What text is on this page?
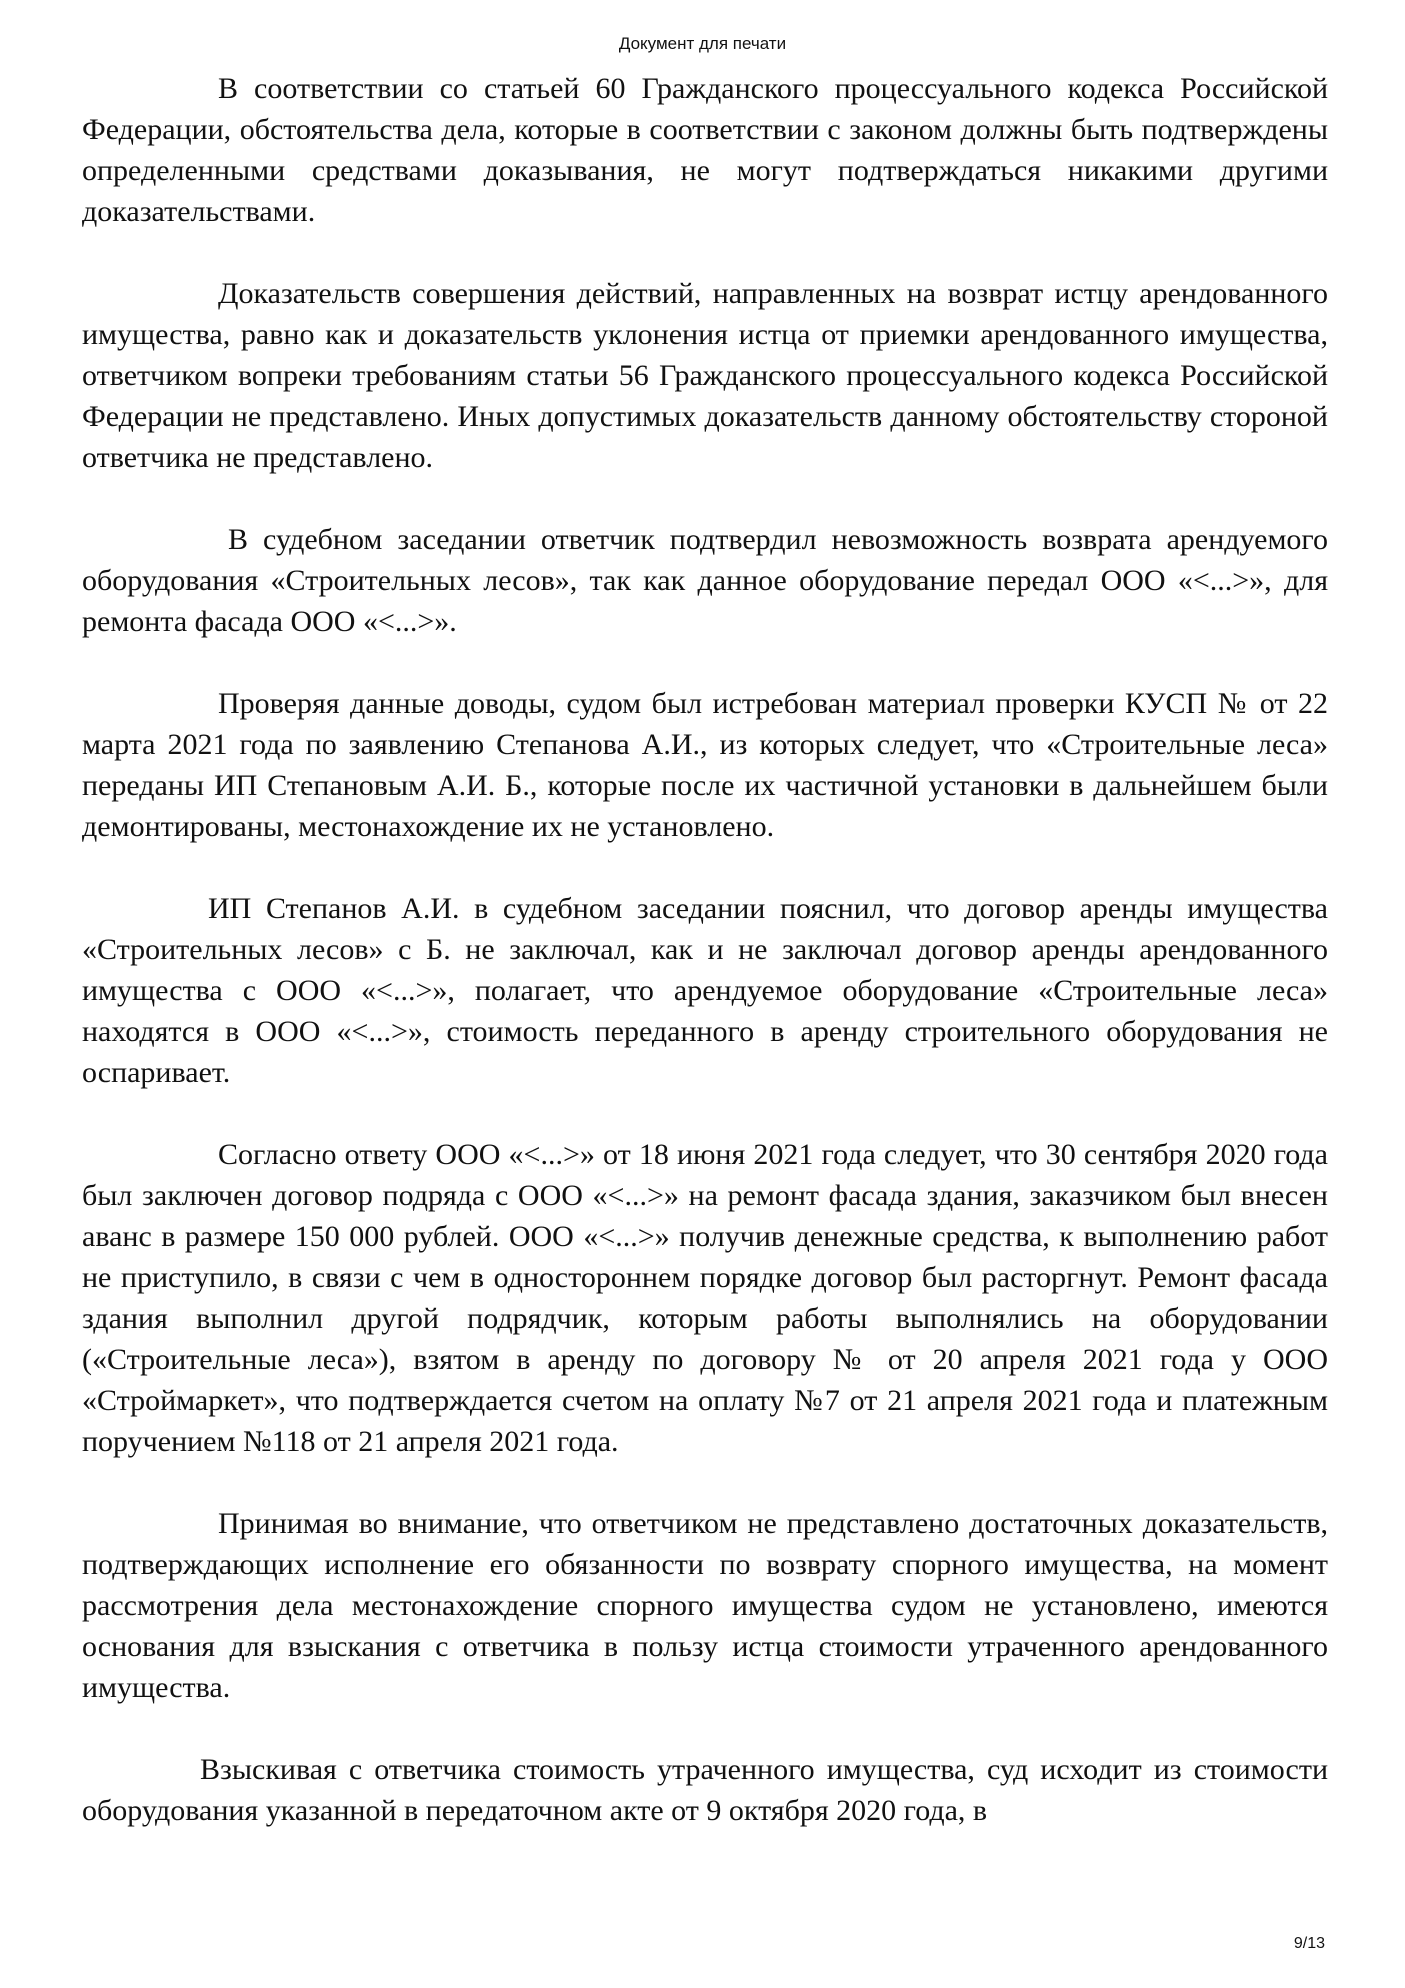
Документ для печати

В соответствии со статьей 60 Гражданского процессуального кодекса Российской Федерации, обстоятельства дела, которые в соответствии с законом должны быть подтверждены определенными средствами доказывания, не могут подтверждаться никакими другими доказательствами.

Доказательств совершения действий, направленных на возврат истцу арендованного имущества, равно как и доказательств уклонения истца от приемки арендованного имущества, ответчиком вопреки требованиям статьи 56 Гражданского процессуального кодекса Российской Федерации не представлено. Иных допустимых доказательств данному обстоятельству стороной ответчика не представлено.

В судебном заседании ответчик подтвердил невозможность возврата арендуемого оборудования «Строительных лесов», так как данное оборудование передал ООО «<...>», для ремонта фасада ООО «<...>».

Проверяя данные доводы, судом был истребован материал проверки КУСП № от 22 марта 2021 года по заявлению Степанова А.И., из которых следует, что «Строительные леса» переданы ИП Степановым А.И. Б., которые после их частичной установки в дальнейшем были демонтированы, местонахождение их не установлено.

ИП Степанов А.И. в судебном заседании пояснил, что договор аренды имущества «Строительных лесов» с Б. не заключал, как и не заключал договор аренды арендованного имущества с ООО «<...>», полагает, что арендуемое оборудование «Строительные леса» находятся в ООО «<...>», стоимость переданного в аренду строительного оборудования не оспаривает.

Согласно ответу ООО «<...>» от 18 июня 2021 года следует, что 30 сентября 2020 года был заключен договор подряда с ООО «<...>» на ремонт фасада здания, заказчиком был внесен аванс в размере 150 000 рублей. ООО «<...>» получив денежные средства, к выполнению работ не приступило, в связи с чем в одностороннем порядке договор был расторгнут. Ремонт фасада здания выполнил другой подрядчик, которым работы выполнялись на оборудовании («Строительные леса»), взятом в аренду по договору № от 20 апреля 2021 года у ООО «Строймаркет», что подтверждается счетом на оплату №7 от 21 апреля 2021 года и платежным поручением №118 от 21 апреля 2021 года.

Принимая во внимание, что ответчиком не представлено достаточных доказательств, подтверждающих исполнение его обязанности по возврату спорного имущества, на момент рассмотрения дела местонахождение спорного имущества судом не установлено, имеются основания для взыскания с ответчика в пользу истца стоимости утраченного арендованного имущества.

Взыскивая с ответчика стоимость утраченного имущества, суд исходит из стоимости оборудования указанной в передаточном акте от 9 октября 2020 года, в

9/13
